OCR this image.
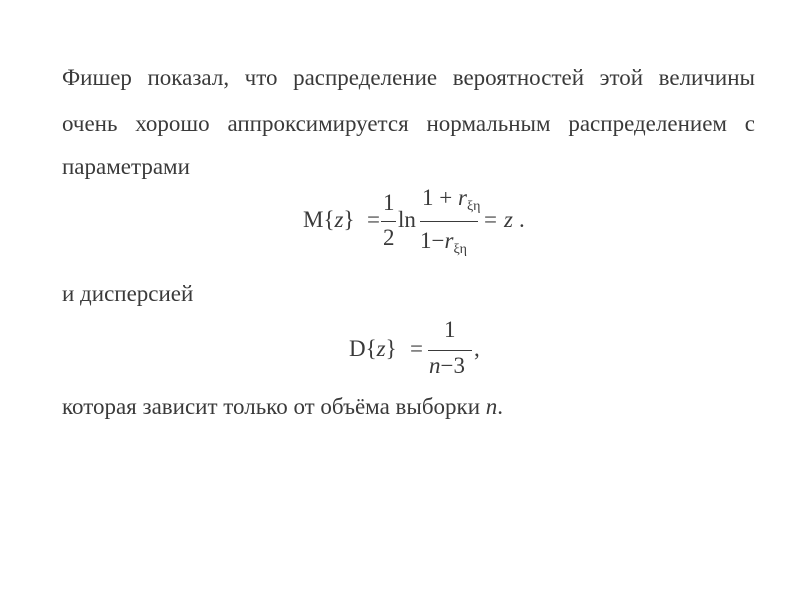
Фишер показал, что распределение вероятностей этой величины
очень хорошо аппроксимируется нормальным распределением с
параметрами
M{z} =
1
2
ln
$1 + r_{\xi\eta}$
$1-r_{\xi\eta}$
= z .
и дисперсией
D{z} =
1
n−3
,
которая зависит только от объёма выборки n.
